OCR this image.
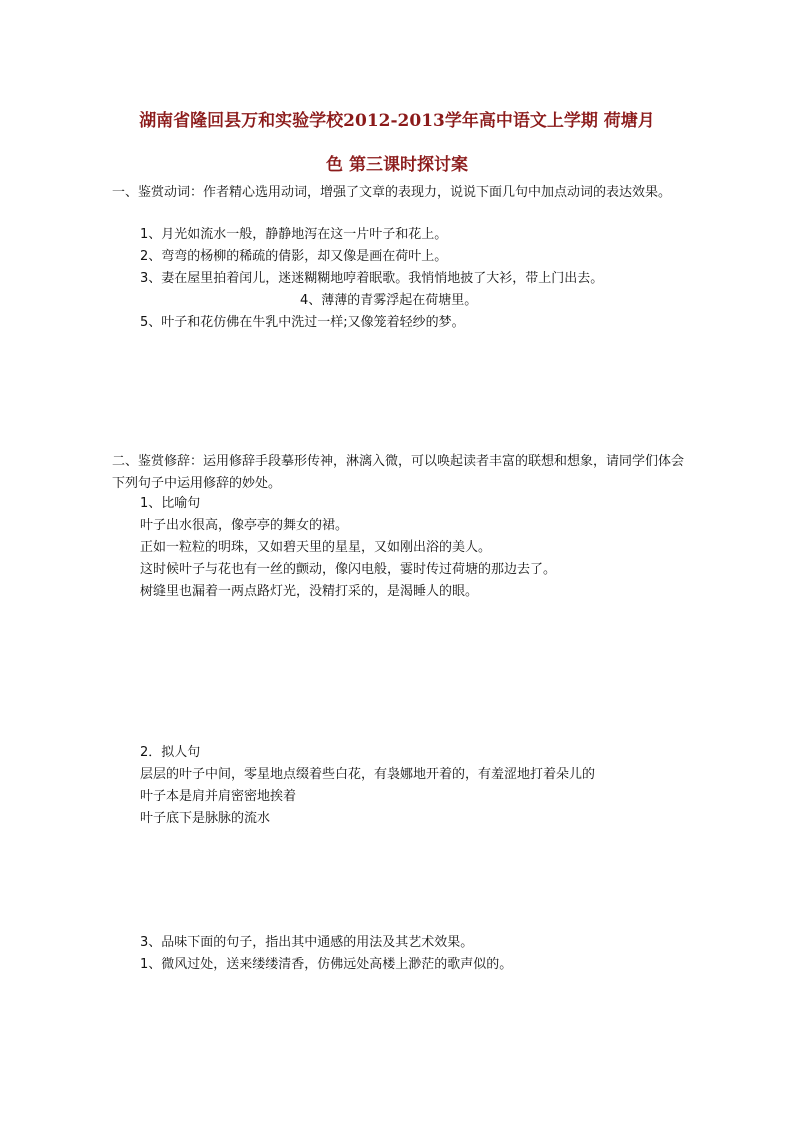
湖南省隆回县万和实验学校2012-2013学年高中语文上学期 荷塘月
色 第三课时探讨案
一、鉴赏动词：作者精心选用动词，增强了文章的表现力，说说下面几句中加点动词的表达效果。
1、月光如流水一般，静静地泻在这一片叶子和花上。
2、弯弯的杨柳的稀疏的倩影，却又像是画在荷叶上。
3、妻在屋里拍着闰儿，迷迷糊糊地哼着眠歌。我悄悄地披了大衫，带上门出去。
4、薄薄的青雾浮起在荷塘里。
5、叶子和花仿佛在牛乳中洗过一样;又像笼着轻纱的梦。
二、鉴赏修辞：运用修辞手段摹形传神，淋漓入微，可以唤起读者丰富的联想和想象，请同学们体会下列句子中运用修辞的妙处。
1、比喻句
叶子出水很高，像亭亭的舞女的裙。
正如一粒粒的明珠，又如碧天里的星星，又如刚出浴的美人。
这时候叶子与花也有一丝的颤动，像闪电般，霎时传过荷塘的那边去了。
树缝里也漏着一两点路灯光，没精打采的，是渴睡人的眼。
2．拟人句
层层的叶子中间，零星地点缀着些白花，有袅娜地开着的，有羞涩地打着朵儿的
叶子本是肩并肩密密地挨着
叶子底下是脉脉的流水
3、品味下面的句子，指出其中通感的用法及其艺术效果。
1、微风过处，送来缕缕清香，仿佛远处高楼上渺茫的歌声似的。
